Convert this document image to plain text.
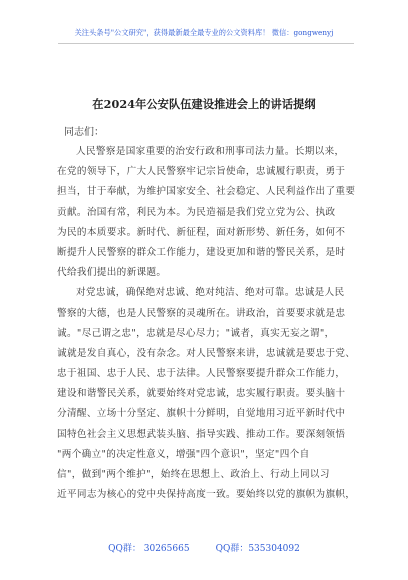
关注头条号"公文研究"，获得最新最全最专业的公文资料库！ 微信：gongwenyj
在2024年公安队伍建设推进会上的讲话提纲
同志们：
人民警察是国家重要的治安行政和刑事司法力量。长期以来，
在党的领导下，广大人民警察牢记宗旨使命，忠诚履行职责，勇于
担当，甘于奉献，为维护国家安全、社会稳定、人民利益作出了重要
贡献。治国有常，利民为本。为民造福是我们党立党为公、执政
为民的本质要求。新时代、新征程，面对新形势、新任务，如何不
断提升人民警察的群众工作能力，建设更加和谐的警民关系，是时
代给我们提出的新课题。
对党忠诚，确保绝对忠诚、绝对纯洁、绝对可靠。忠诚是人民
警察的大德，也是人民警察的灵魂所在。讲政治，首要要求就是忠
诚。"尽己谓之忠"，忠就是尽心尽力；"诚者，真实无妄之谓"，
诚就是发自真心，没有杂念。对人民警察来讲，忠诚就是要忠于党、
忠于祖国、忠于人民、忠于法律。人民警察要提升群众工作能力，
建设和谐警民关系，就要始终对党忠诚，忠实履行职责。要头脑十
分清醒、立场十分坚定、旗帜十分鲜明，自觉地用习近平新时代中
国特色社会主义思想武装头脑、指导实践、推动工作。要深刻领悟
"两个确立"的决定性意义，增强"四个意识"，坚定"四个自
信"，做到"两个维护"，始终在思想上、政治上、行动上同以习
近平同志为核心的党中央保持高度一致。要始终以党的旗帜为旗帜，
QQ群： 30265665	QQ群：535304092
